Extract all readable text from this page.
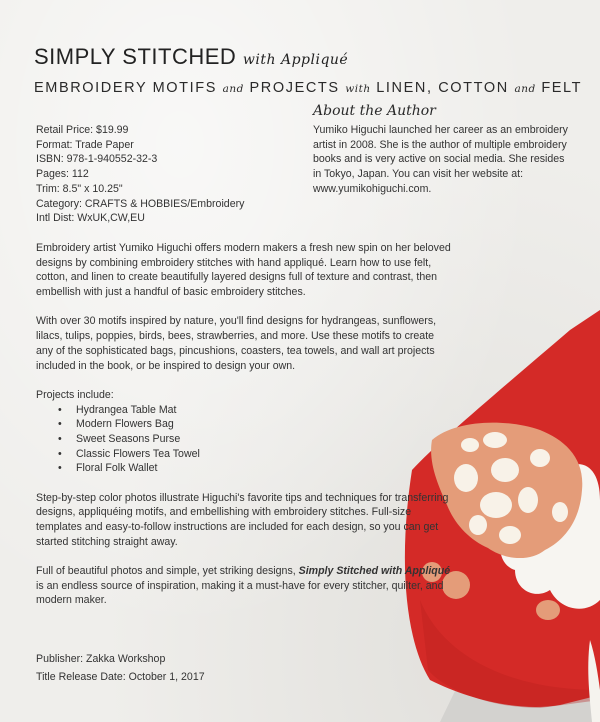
SIMPLY STITCHED with Appliqué
EMBROIDERY MOTIFS and PROJECTS with LINEN, COTTON and FELT
Retail Price: $19.99
Format: Trade Paper
ISBN: 978-1-940552-32-3
Pages: 112
Trim: 8.5" x 10.25"
Category: CRAFTS & HOBBIES/Embroidery
Intl Dist: WxUK,CW,EU
About the Author
Yumiko Higuchi launched her career as an embroidery artist in 2008. She is the author of multiple embroidery books and is very active on social media. She resides in Tokyo, Japan. You can visit her website at: www.yumikohiguchi.com.

Embroidery artist Yumiko Higuchi offers modern makers a fresh new spin on her beloved designs by combining embroidery stitches with hand appliqué. Learn how to use felt, cotton, and linen to create beautifully layered designs full of texture and contrast, then embellish with just a handful of basic embroidery stitches.

With over 30 motifs inspired by nature, you'll find designs for hydrangeas, sunflowers, lilacs, tulips, poppies, birds, bees, strawberries, and more. Use these motifs to create any of the sophisticated bags, pincushions, coasters, tea towels, and wall art projects included in the book, or be inspired to design your own.

Projects include:

• Hydrangea Table Mat
• Modern Flowers Bag
• Sweet Seasons Purse
• Classic Flowers Tea Towel
• Floral Folk Wallet

Step-by-step color photos illustrate Higuchi's favorite tips and techniques for transferring designs, appliquéing motifs, and embellishing with embroidery stitches. Full-size templates and easy-to-follow instructions are included for each design, so you can get started stitching straight away.

Full of beautiful photos and simple, yet striking designs, Simply Stitched with Appliqué is an endless source of inspiration, making it a must-have for every stitcher, quilter, and modern maker.

Publisher: Zakka Workshop
Title Release Date: October 1, 2017
